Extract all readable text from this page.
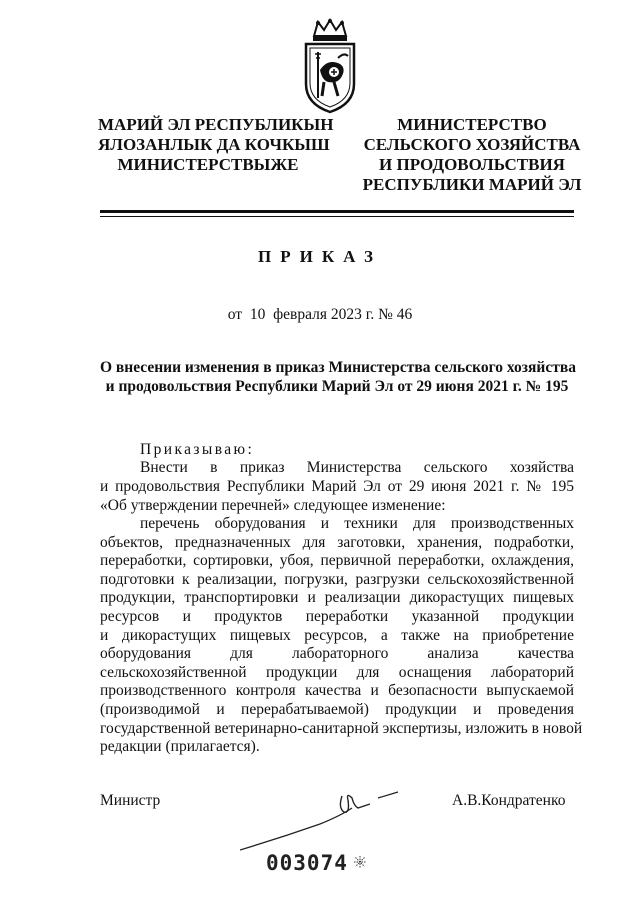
МАРИЙ ЭЛ РЕСПУБЛИКЫН
ЯЛОЗАНЛЫК ДА КОЧКЫШ
МИНИСТЕРСТВЫЖЕ
МИНИСТЕРСТВО
СЕЛЬСКОГО ХОЗЯЙСТВА
И ПРОДОВОЛЬСТВИЯ
РЕСПУБЛИКИ МАРИЙ ЭЛ
ПРИКАЗ
от  10  февраля 2023 г. № 46
О внесении изменения в приказ Министерства сельского хозяйства
и продовольствия Республики Марий Эл от 29 июня 2021 г. № 195
Приказываю:
Внести в приказ Министерства сельского хозяйства
и продовольствия Республики Марий Эл от 29 июня 2021 г. № 195
«Об утверждении перечней» следующее изменение:
перечень оборудования и техники для производственных
объектов, предназначенных для заготовки, хранения, подработки,
переработки, сортировки, убоя, первичной переработки, охлаждения,
подготовки к реализации, погрузки, разгрузки сельскохозяйственной
продукции, транспортировки и реализации дикорастущих пищевых
ресурсов и продуктов переработки указанной продукции
и дикорастущих пищевых ресурсов, а также на приобретение
оборудования для лабораторного анализа качества
сельскохозяйственной продукции для оснащения лабораторий
производственного контроля качества и безопасности выпускаемой
(производимой и перерабатываемой) продукции и проведения
государственной ветеринарно-санитарной экспертизы, изложить в новой
редакции (прилагается).
Министр	А.В.Кондратенко
003074
